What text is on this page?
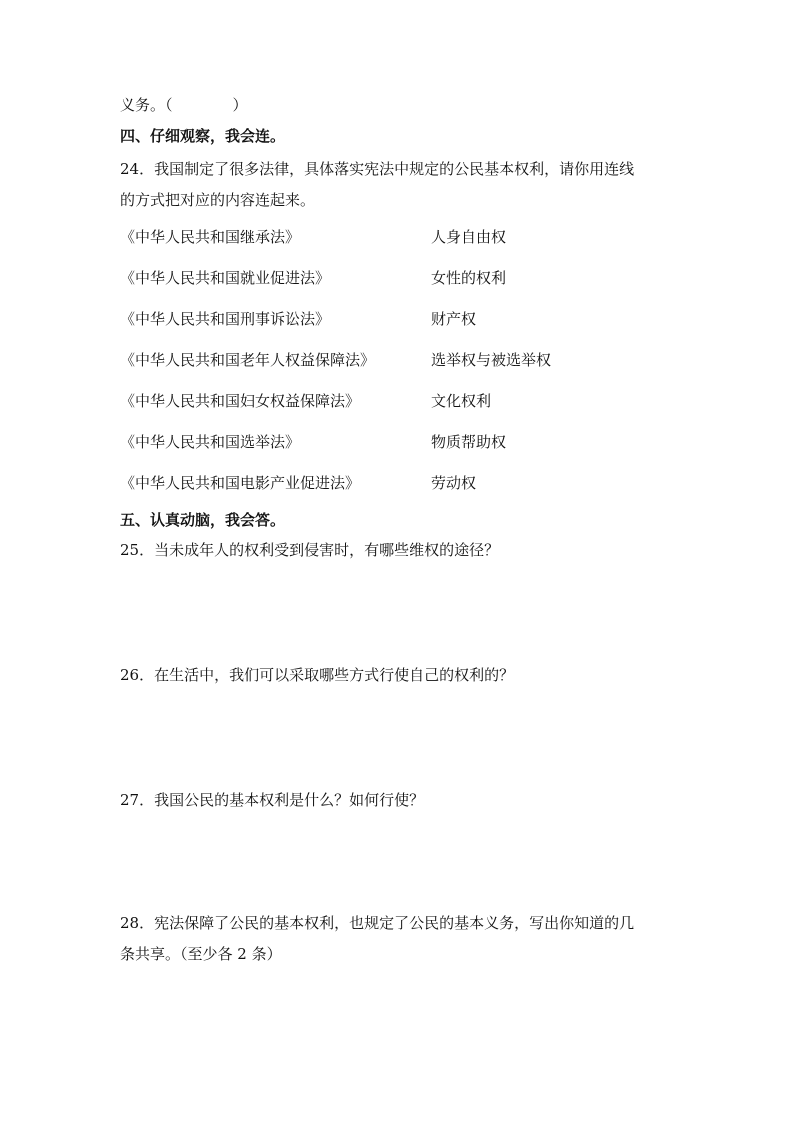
义务。（　　　　）
四、仔细观察，我会连。
24．我国制定了很多法律，具体落实宪法中规定的公民基本权利，请你用连线
的方式把对应的内容连起来。
《中华人民共和国继承法》	人身自由权
《中华人民共和国就业促进法》	女性的权利
《中华人民共和国刑事诉讼法》	财产权
《中华人民共和国老年人权益保障法》	选举权与被选举权
《中华人民共和国妇女权益保障法》	文化权利
《中华人民共和国选举法》	物质帮助权
《中华人民共和国电影产业促进法》	劳动权
五、认真动脑，我会答。
25．当未成年人的权利受到侵害时，有哪些维权的途径？
26．在生活中，我们可以采取哪些方式行使自己的权利的？
27．我国公民的基本权利是什么？如何行使？
28．宪法保障了公民的基本权利，也规定了公民的基本义务，写出你知道的几
条共享。（至少各 2 条）
